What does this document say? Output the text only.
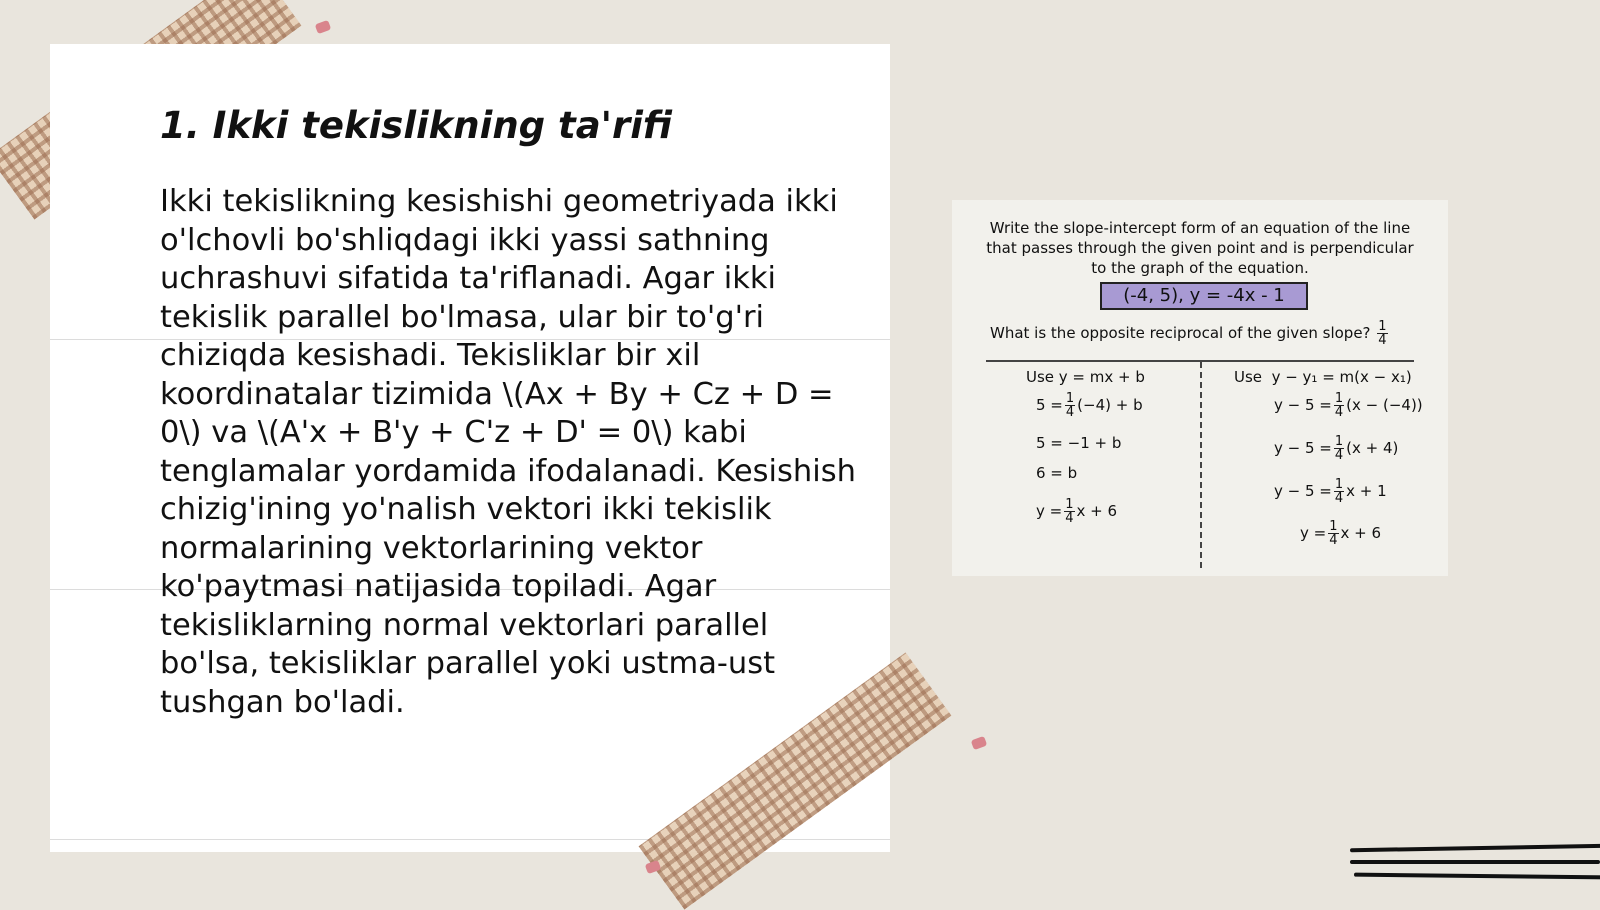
1. Ikki tekislikning ta'rifi

Ikki tekislikning kesishishi geometriyada ikki o'lchovli bo'shliqdagi ikki yassi sathning uchrashuvi sifatida ta'riflanadi. Agar ikki tekislik parallel bo'lmasa, ular bir to'g'ri chiziqda kesishadi. Tekisliklar bir xil koordinatalar tizimida \(Ax + By + Cz + D = 0\) va \(A'x + B'y + C'z + D' = 0\) kabi tenglamalar yordamida ifodalanadi. Kesishish chizig'ining yo'nalish vektori ikki tekislik normalarining vektorlarining vektor ko'paytmasi natijasida topiladi. Agar tekisliklarning normal vektorlari parallel bo'lsa, tekisliklar parallel yoki ustma-ust tushgan bo'ladi.

Write the slope-intercept form of an equation of the line
that passes through the given point and is perpendicular
to the graph of the equation.

(-4, 5), y = -4x - 1
What is the opposite reciprocal of the given slope? $\frac{1}{4}$
Use y = mx + b	Use y − y₁ = m(x − x₁)
$5 = \frac{1}{4} (-4) + b$
5 = −1 + b
6 = b
$y = \frac{1}{4}$ x + 6
$y - 5 = \frac{1}{4} (x - (-4))$
$y - 5 = \frac{1}{4} (x + 4)$
$y - 5 = \frac{1}{4}$ x + 1
$y = \frac{1}{4}$ x + 6
